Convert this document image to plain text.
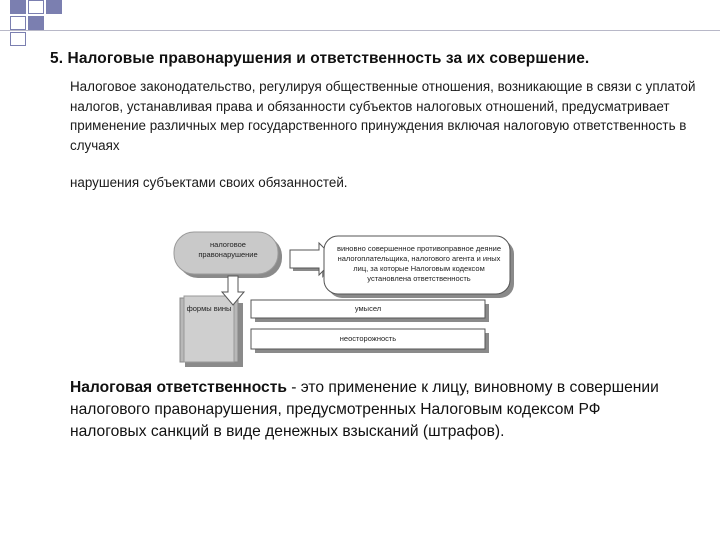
5. Налоговые правонарушения и ответственность за их совершение.
Налоговое законодательство, регулируя общественные отношения, возникающие в связи с уплатой налогов, устанавливая права и обязанности субъектов налоговых отношений, предусматривает применение различных мер государственного принуждения включая налоговую ответственность в случаях
нарушения субъектами своих обязанностей.
налоговое правонарушение
виновно совершенное противоправное деяние налогоплательщика, налогового агента и иных лиц, за которые Налоговым кодексом установлена ответственность
формы вины	умысел
неосторожность
Налоговая ответственность - это применение к лицу, виновному в совершении налогового правонарушения, предусмотренных Налоговым кодексом РФ налоговых санкций в виде денежных взысканий (штрафов).
